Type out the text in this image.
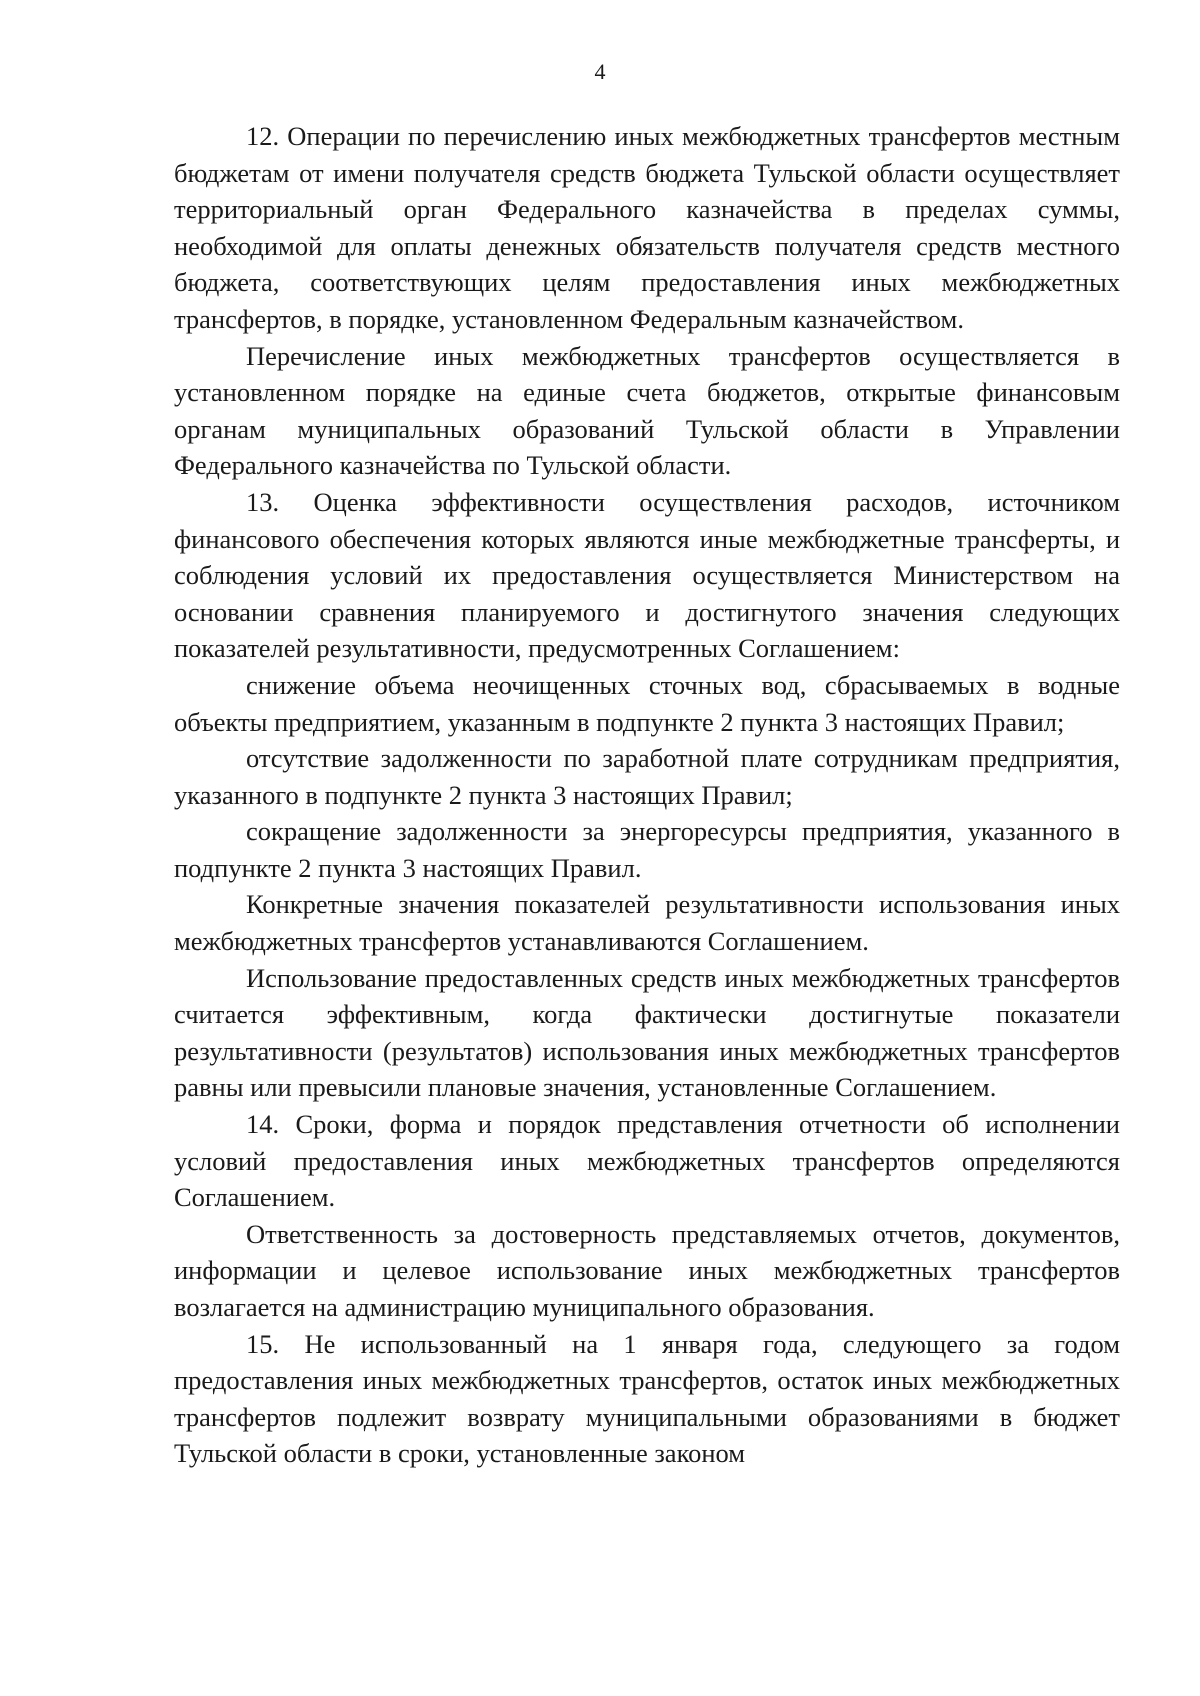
4

12. Операции по перечислению иных межбюджетных трансфертов местным бюджетам от имени получателя средств бюджета Тульской области осуществляет территориальный орган Федерального казначейства в пределах суммы, необходимой для оплаты денежных обязательств получателя средств местного бюджета, соответствующих целям предоставления иных межбюджетных трансфертов, в порядке, установленном Федеральным казначейством.

Перечисление иных межбюджетных трансфертов осуществляется в установленном порядке на единые счета бюджетов, открытые финансовым органам муниципальных образований Тульской области в Управлении Федерального казначейства по Тульской области.

13. Оценка эффективности осуществления расходов, источником финансового обеспечения которых являются иные межбюджетные трансферты, и соблюдения условий их предоставления осуществляется Министерством на основании сравнения планируемого и достигнутого значения следующих показателей результативности, предусмотренных Соглашением:

снижение объема неочищенных сточных вод, сбрасываемых в водные объекты предприятием, указанным в подпункте 2 пункта 3 настоящих Правил;

отсутствие задолженности по заработной плате сотрудникам предприятия, указанного в подпункте 2 пункта 3 настоящих Правил;

сокращение задолженности за энергоресурсы предприятия, указанного в подпункте 2 пункта 3 настоящих Правил.

Конкретные значения показателей результативности использования иных межбюджетных трансфертов устанавливаются Соглашением.

Использование предоставленных средств иных межбюджетных трансфертов считается эффективным, когда фактически достигнутые показатели результативности (результатов) использования иных межбюджетных трансфертов равны или превысили плановые значения, установленные Соглашением.

14. Сроки, форма и порядок представления отчетности об исполнении условий предоставления иных межбюджетных трансфертов определяются Соглашением.

Ответственность за достоверность представляемых отчетов, документов, информации и целевое использование иных межбюджетных трансфертов возлагается на администрацию муниципального образования.

15. Не использованный на 1 января года, следующего за годом предоставления иных межбюджетных трансфертов, остаток иных межбюджетных трансфертов подлежит возврату муниципальными образованиями в бюджет Тульской области в сроки, установленные законом
